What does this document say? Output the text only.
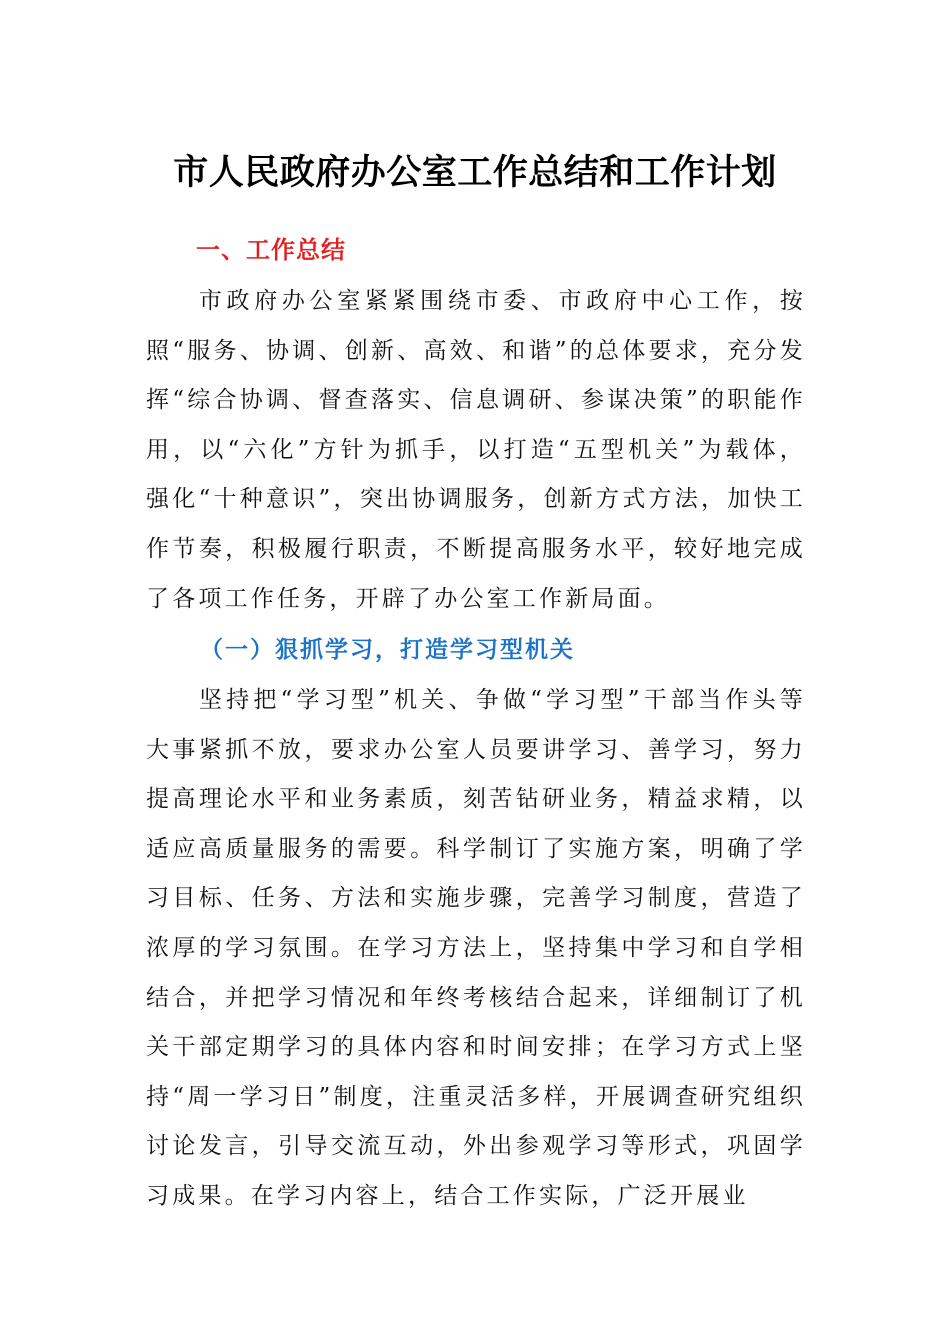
市人民政府办公室工作总结和工作计划
一、工作总结

市政府办公室紧紧围绕市委、市政府中心工作，按照“服务、协调、创新、高效、和谐”的总体要求，充分发挥“综合协调、督查落实、信息调研、参谋决策”的职能作用，以“六化”方针为抓手，以打造“五型机关”为载体，强化“十种意识”，突出协调服务，创新方式方法，加快工作节奏，积极履行职责，不断提高服务水平，较好地完成了各项工作任务，开辟了办公室工作新局面。

（一）狠抓学习，打造学习型机关

坚持把“学习型”机关、争做“学习型”干部当作头等大事紧抓不放，要求办公室人员要讲学习、善学习，努力提高理论水平和业务素质，刻苦钻研业务，精益求精，以适应高质量服务的需要。科学制订了实施方案，明确了学习目标、任务、方法和实施步骤，完善学习制度，营造了浓厚的学习氛围。在学习方法上，坚持集中学习和自学相结合，并把学习情况和年终考核结合起来，详细制订了机关干部定期学习的具体内容和时间安排；在学习方式上坚持“周一学习日”制度，注重灵活多样，开展调查研究组织讨论发言，引导交流互动，外出参观学习等形式，巩固学习成果。在学习内容上，结合工作实际，广泛开展业
